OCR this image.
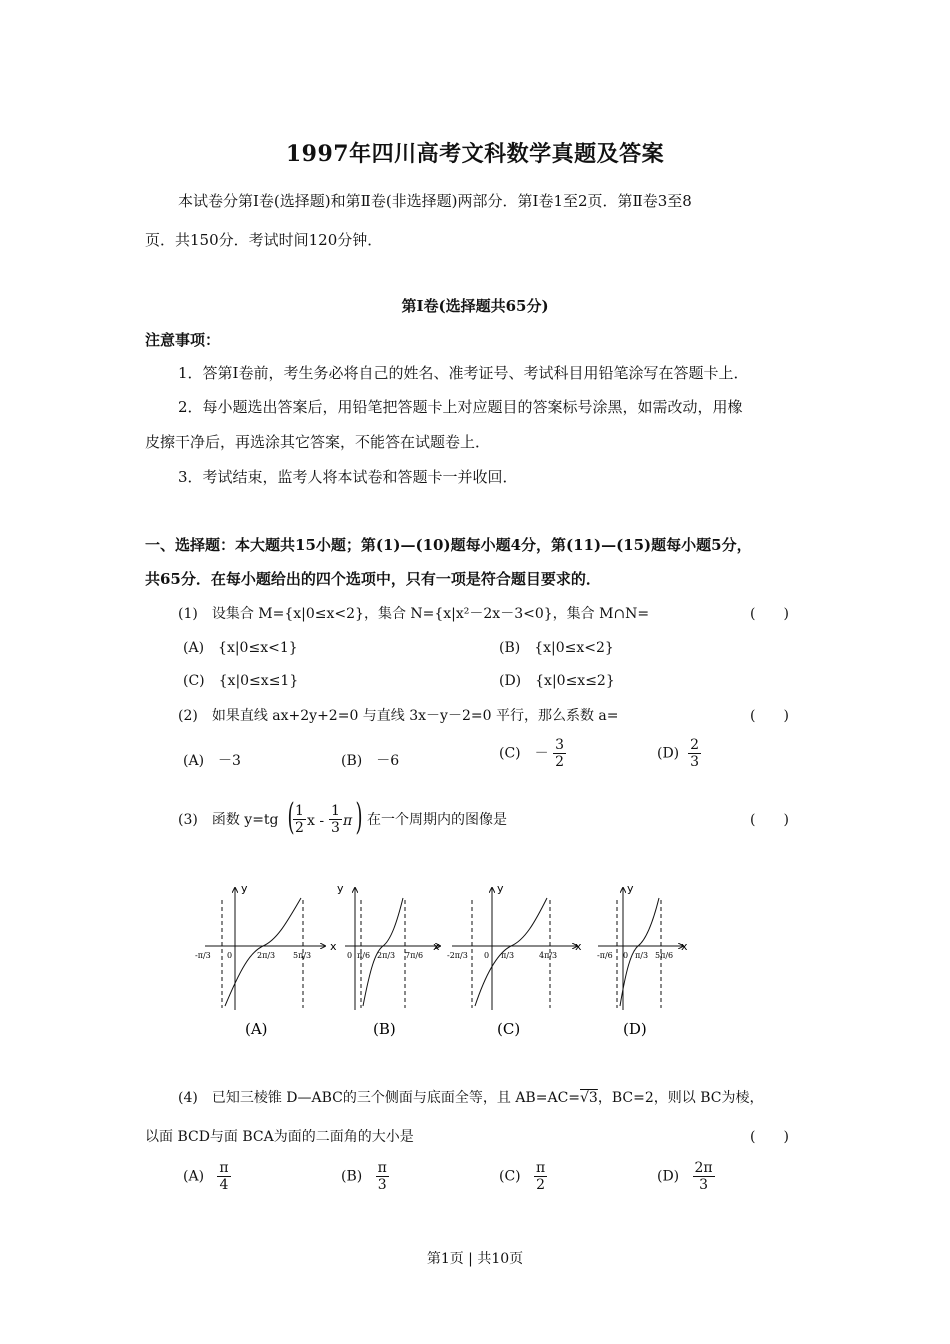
1997年四川高考文科数学真题及答案
本试卷分第Ⅰ卷(选择题)和第Ⅱ卷(非选择题)两部分．第Ⅰ卷1至2页．第Ⅱ卷3至8
页．共150分．考试时间120分钟．
第Ⅰ卷(选择题共65分)
注意事项：
1．答第Ⅰ卷前，考生务必将自己的姓名、准考证号、考试科目用铅笔涂写在答题卡上．
2．每小题选出答案后，用铅笔把答题卡上对应题目的答案标号涂黑，如需改动，用橡
皮擦干净后，再选涂其它答案，不能答在试题卷上．
3．考试结束，监考人将本试卷和答题卡一并收回．
一、选择题：本大题共15小题；第(1)—(10)题每小题4分，第(11)—(15)题每小题5分，
共65分．在每小题给出的四个选项中，只有一项是符合题目要求的．
(1)　设集合 M={x|0≤x<2}，集合 N={x|x²－2x－3<0}，集合 M∩N=	(　　)
(A)　{x|0≤x<1}	(B)　{x|0≤x<2}
(C)　{x|0≤x≤1}	(D)　{x|0≤x≤2}
(2)　如果直线 ax+2y+2=0 与直线 3x－y－2=0 平行，那么系数 a=	(　　)
(A)　－3	(B)　－6	(C)　－ $\frac{3}{2}$	$(D) \frac{2}{3}$
(3)　函数 y=tg (
$\frac{1}{2}$ x - $\frac{1}{3}$ π ) 在一个周期内的图像是	(　　)
x
y
-π/3 0	2π/3 5π/3
(A)
x
y
0 π/6 2π/3 7π/6
(B)
x
y
-2π/3 0 π/3	4π/3
(C)
x
y
-π/6 0 π/3 5π/6
(D)
(4)　已知三棱锥 D—ABC的三个侧面与底面全等，且 AB=AC=√3，BC=2，则以 BC为棱，
以面 BCD与面 BCA为面的二面角的大小是	(　　)
$(A) \frac{\pi}{4}$	$(B) \frac{\pi}{3}$	$(C) \frac{\pi}{2}$	$(D) \frac{2\pi}{3}$
第1页 | 共10页
